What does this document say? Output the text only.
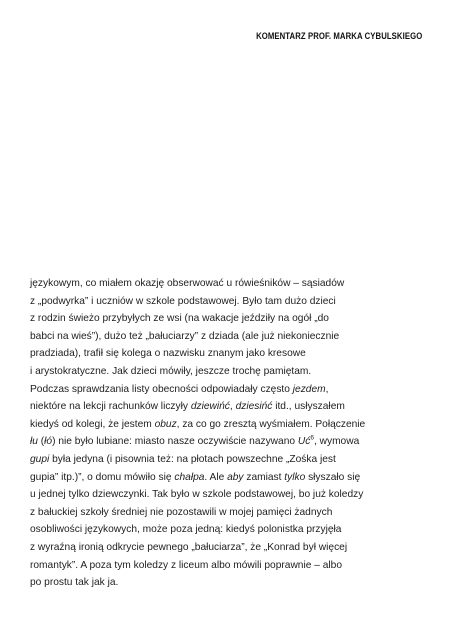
KOMENTARZ PROF. MARKA CYBULSKIEGO
językowym, co miałem okazję obserwować u rówieśników – sąsiadów
z „podwyrka” i uczniów w szkole podstawowej. Było tam dużo dzieci
z rodzin świeżo przybyłych ze wsi (na wakacje jeździły na ogół „do
babci na wieś”), dużo też „bałuciarzy” z dziada (ale już niekoniecznie
pradziada), trafił się kolega o nazwisku znanym jako kresowe
i arystokratyczne. Jak dzieci mówiły, jeszcze trochę pamiętam.
Podczas sprawdzania listy obecności odpowiadały często jezdem,
niektóre na lekcji rachunków liczyły dziewińć, dziesińć itd., usłyszałem
kiedyś od kolegi, że jestem obuz, za co go zresztą wyśmiałem. Połączenie
łu (łó) nie było lubiane: miasto nasze oczywiście nazywano $Uć^6$, wymowa
gupi była jedyna (i pisownia też: na płotach powszechne „Zośka jest
gupia” itp.)”, o domu mówiło się chałpa. Ale aby zamiast tylko słyszało się
u jednej tylko dziewczynki. Tak było w szkole podstawowej, bo już koledzy
z bałuckiej szkoły średniej nie pozostawili w mojej pamięci żadnych
osobliwości językowych, może poza jedną: kiedyś polonistka przyjęła
z wyraźną ironią odkrycie pewnego „bałuciarza”, że „Konrad był więcej
romantyk”. A poza tym koledzy z liceum albo mówili poprawnie – albo
po prostu tak jak ja.
